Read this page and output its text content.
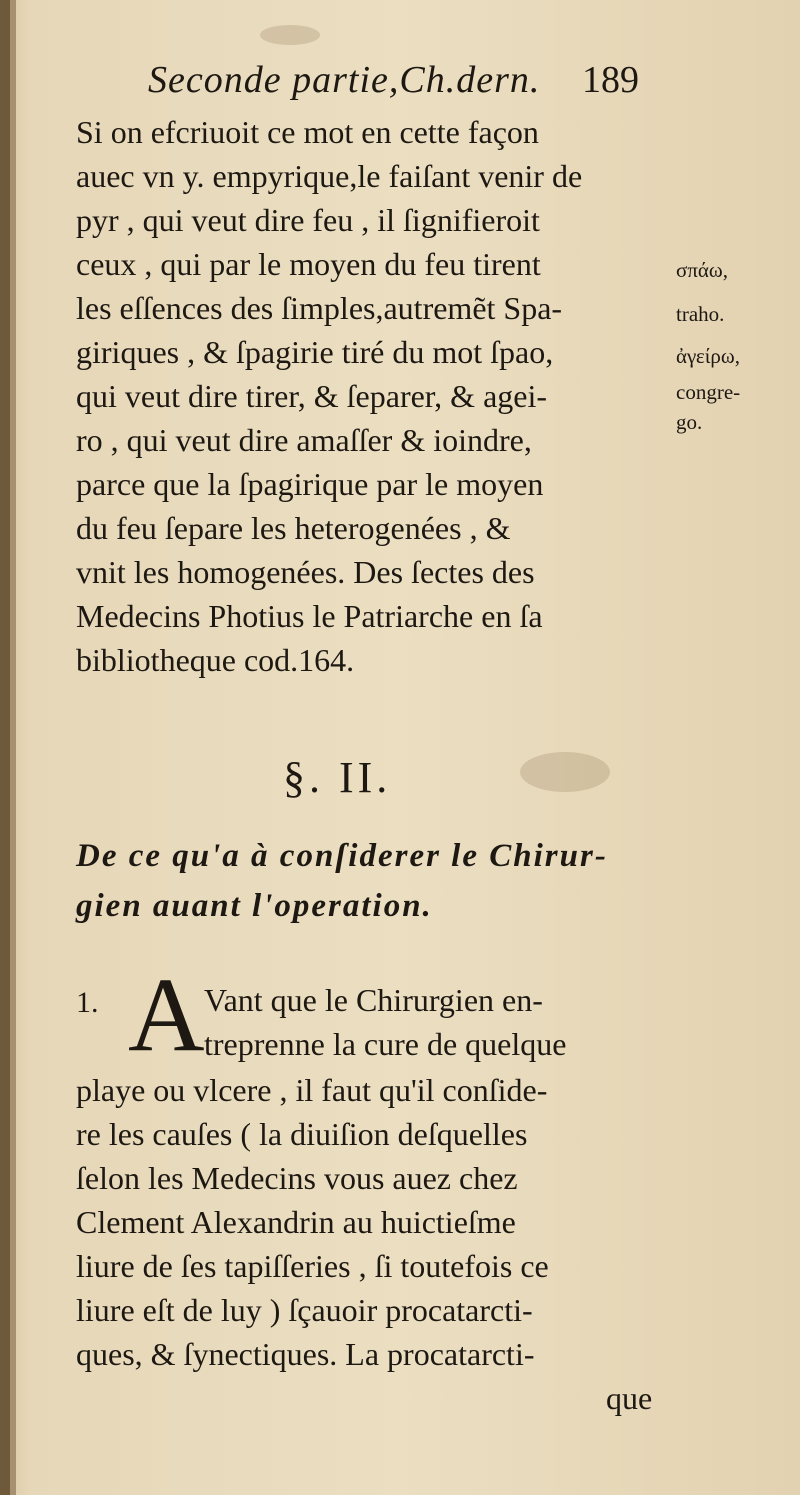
Seconde partie,Ch.dern. 189
Si on efcriuoit ce mot en cette façon
auec vn y. empyrique,le faiſant venir de
pyr , qui veut dire feu , il ſignifieroit
ceux , qui par le moyen du feu tirent
les eſſences des ſimples,autremẽt Spa-
giriques , & ſpagirie tiré du mot ſpao,
qui veut dire tirer, & ſeparer, & agei-
ro , qui veut dire amaſſer & ioindre,
parce que la ſpagirique par le moyen
du feu ſepare les heterogenées , &
vnit les homogenées. Des ſectes des
Medecins Photius le Patriarche en ſa
bibliotheque cod.164.
σπάω,
traho.
ἀγείρω,
congre-
go.
§. II.
De ce qu'a à conſiderer le Chirur-
gien auant l'operation.
1. A Vant que le Chirurgien en-
treprenne la cure de quelque
playe ou vlcere , il faut qu'il conſide-
re les cauſes ( la diuiſion deſquelles
ſelon les Medecins vous auez chez
Clement Alexandrin au huictieſme
liure de ſes tapiſſeries , ſi toutefois ce
liure eſt de luy ) ſçauoir procatarcti-
ques, & ſynectiques. La procatarcti-
que
